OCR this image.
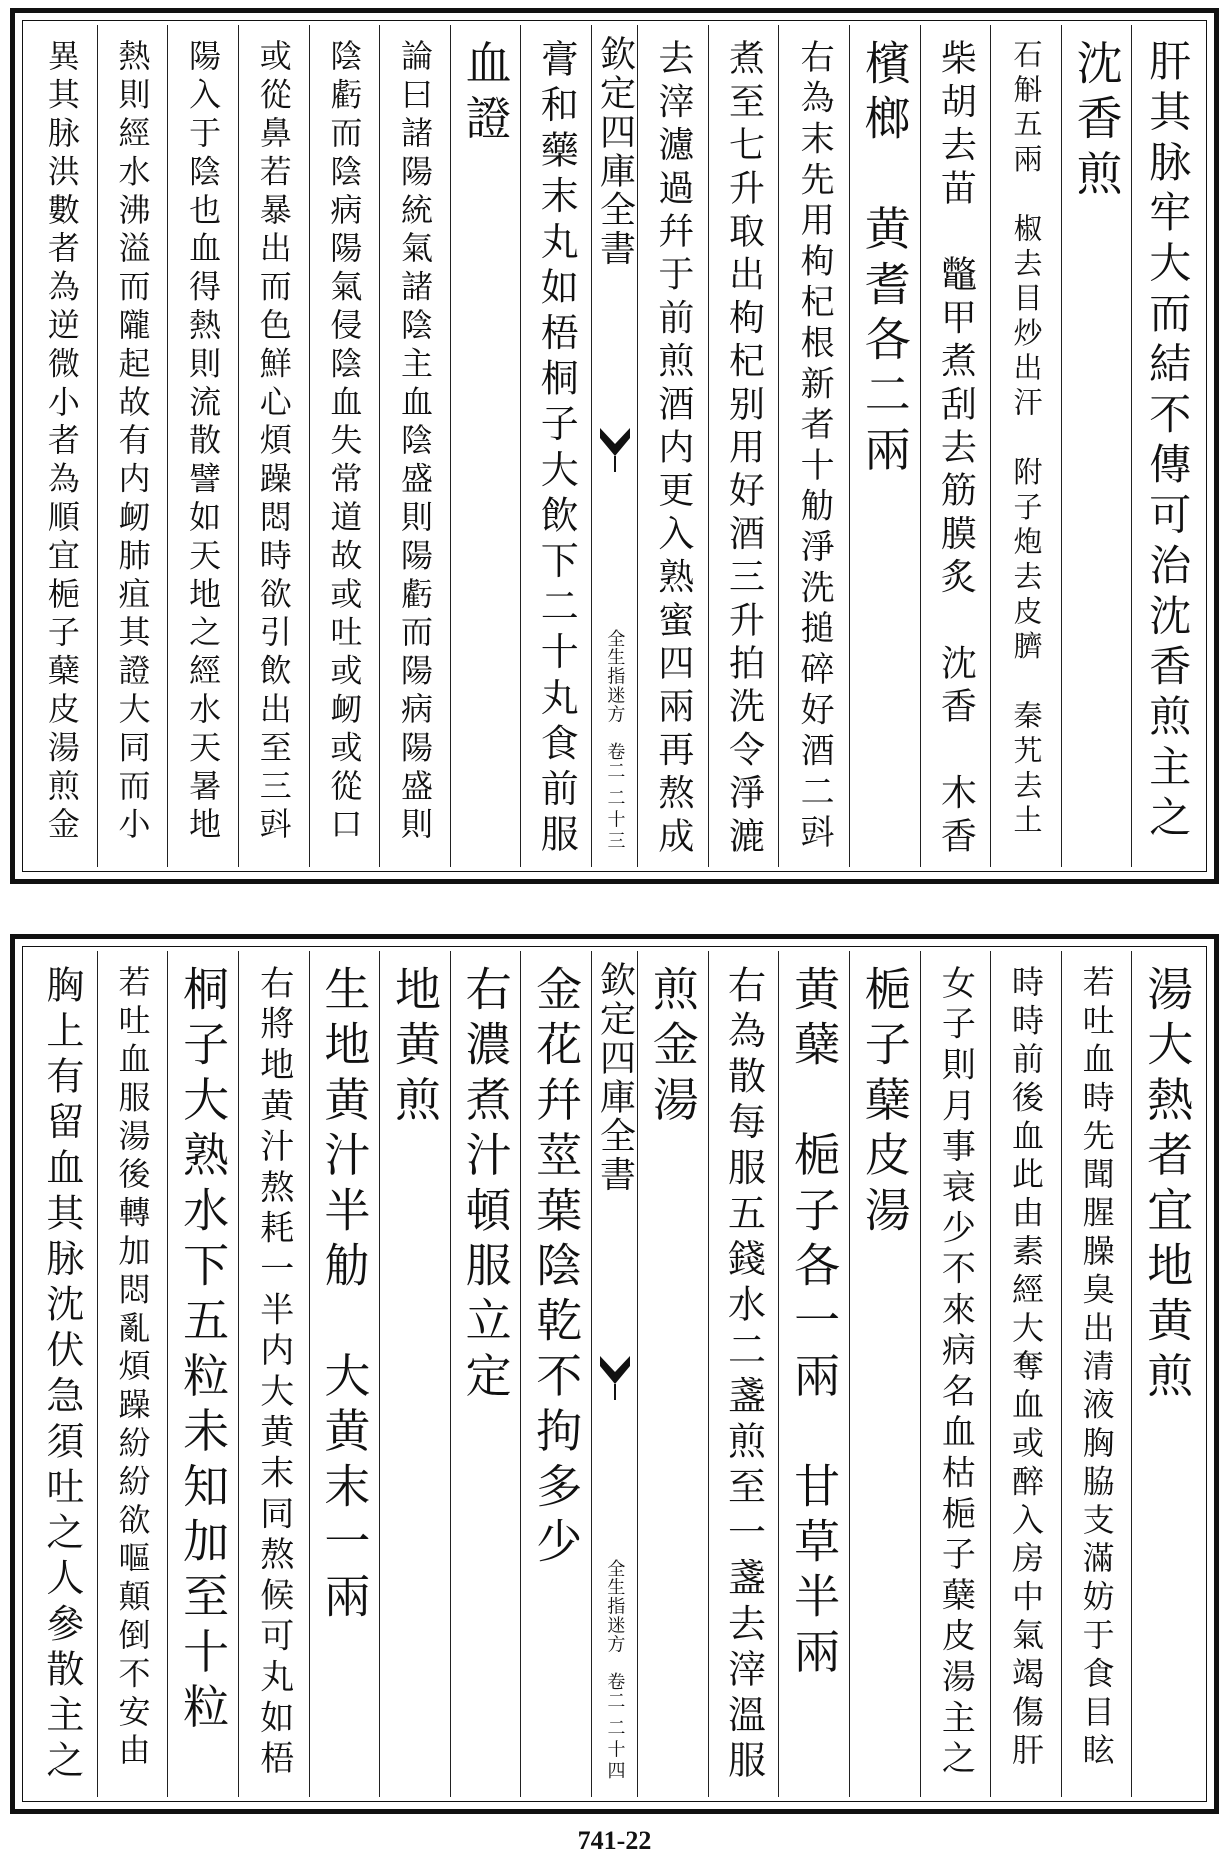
肝其脉牢大而結不傳可治沈香煎主之
沈香煎
石斛五兩　椒去目炒出汗　附子炮去皮臍　秦艽去土
柴胡去苗　鼈甲煮刮去筋膜炙　沈香　木香
檳榔　黄耆各二兩
右為末先用枸杞根新者十觔淨洗搥碎好酒二㪷
煮至七升取出枸杞别用好酒三升拍洗令淨漉
去滓濾過幷于前煎酒内更入熟蜜四兩再熬成
欽定四庫全書
全生指迷方　卷二
二十三
膏和藥末丸如梧桐子大飲下二十丸食前服
血證
論曰諸陽統氣諸陰主血陰盛則陽虧而陽病陽盛則
陰虧而陰病陽氣侵陰血失常道故或吐或衂或從口
或從鼻若暴出而色鮮心煩躁悶時欲引飲出至三㪷
陽入于陰也血得熱則流散譬如天地之經水天暑地
熱則經水沸溢而隴起故有内衂肺疽其證大同而小
異其脉洪數者為逆微小者為順宜梔子蘖皮湯煎金
湯大熱者宜地黄煎
若吐血時先聞腥臊臭出清液胸脇支滿妨于食目眩
時時前後血此由素經大奪血或醉入房中氣竭傷肝
女子則月事衰少不來病名血枯梔子蘖皮湯主之
梔子蘖皮湯
黄蘖　梔子各一兩　甘草半兩
右為散每服五錢水二盞煎至一盞去滓溫服
煎金湯
欽定四庫全書
全生指迷方　卷二
二十四
金花幷莖葉陰乾不拘多少
右濃煮汁頓服立定
地黄煎
生地黄汁半觔　大黄末一兩
右將地黄汁熬耗一半内大黄末同熬候可丸如梧
桐子大熟水下五粒未知加至十粒
若吐血服湯後轉加悶亂煩躁紛紛欲嘔顛倒不安由
胸上有留血其脉沈伏急須吐之人參散主之
741-22
